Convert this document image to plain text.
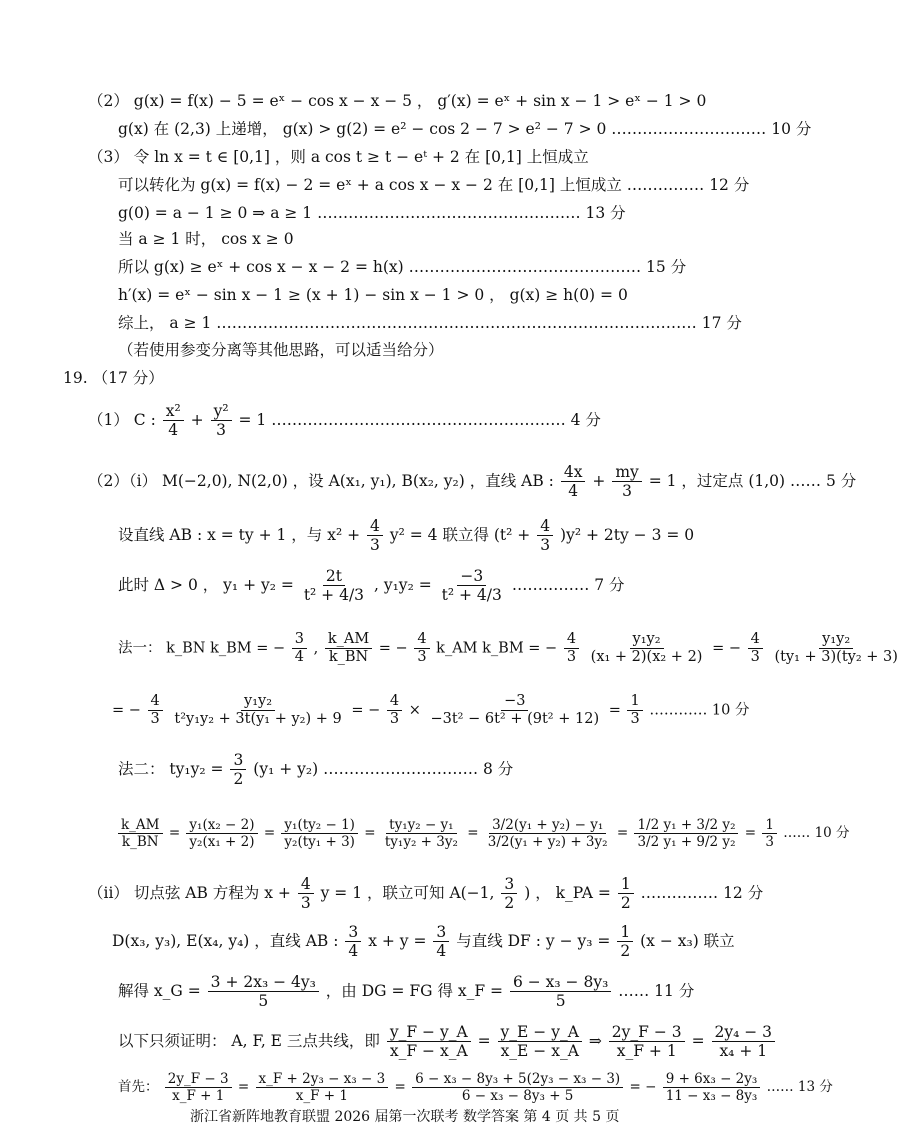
（2） g(x) = f(x) − 5 = eˣ − cos x − x − 5 ， g′(x) = eˣ + sin x − 1 > eˣ − 1 > 0
g(x) 在 (2,3) 上递增， g(x) > g(2) = e² − cos 2 − 7 > e² − 7 > 0 ………………………… 10 分
（3） 令 ln x = t ∈ [0,1] ，则 a cos t ≥ t − eᵗ + 2 在 [0,1] 上恒成立
可以转化为 g(x) = f(x) − 2 = eˣ + a cos x − x − 2 在 [0,1] 上恒成立 …………… 12 分
g(0) = a − 1 ≥ 0 ⇒ a ≥ 1 …………………………………………… 13 分
当 a ≥ 1 时， cos x ≥ 0
所以 g(x) ≥ eˣ + cos x − x − 2 = h(x) ……………………………………… 15 分
h′(x) = eˣ − sin x − 1 ≥ (x + 1) − sin x − 1 > 0 ， g(x) ≥ h(0) = 0
综上， a ≥ 1 ………………………………………………………………………………… 17 分
（若使用参变分离等其他思路，可以适当给分）
19. （17 分）
（1） C : $\frac{\text{x²}}{4} + \frac{\text{y²}}{3} = 1$ ………………………………………………… 4 分
（2）（i） M(−2,0), N(2,0) ，设 A(x₁, y₁), B(x₂, y₂) ，直线 AB : $\frac{4x}{4} + \frac{my}{3} = 1$ ，过定点 (1,0) …… 5 分
设直线 AB : x = ty + 1 ，与 $x^2 + \frac{4}{3} y^2 = 4$ 联立得 $(t^2 + \frac{4}{3} )y^2 + 2ty - 3 = 0$
此时 Δ > 0 ， $y_1 + y_2 = \frac{2t}{\text{t² + 4/3}}$ , $y_1y_2 = \frac{-3}{\text{t² + 4/3}}$ …………… 7 分
法一： k_BN k_BM = − $\frac{3}{4}$ , $\frac{k\_AM}{k\_BN}$ = − $\frac{4}{3}$ k_AM k_BM = − $\frac{4}{3}$
$\frac{\text{y₁y₂}}{\text{(x₁ + 2)(x₂ + 2)}}$ = − $\frac{4}{3}$
$\frac{\text{y₁y₂}}{\text{(ty₁ + 3)(ty₂ + 3)}}$
= − $\frac{4}{3}$
$\frac{\text{y₁y₂}}{\text{t²y₁y₂ + 3t(y₁ + y₂) + 9}}$ = − $\frac{4}{3} \times \frac{-3}{\text{−3t² − 6t² + (9t² + 12)}} = \frac{1}{3}$ ………… 10 分
法二： $ty_1y_2 = \frac{3}{2} (y_1 + y_2)$ ………………………… 8 分
$\frac{k\_AM}{k\_BN} = \frac{\text{y₁(x₂ − 2)}}{\text{y₂(x₁ + 2)}} = \frac{\text{y₁(ty₂ − 1)}}{\text{y₂(ty₁ + 3)}} = \frac{\text{ty₁y₂ − y₁}}{\text{ty₁y₂ + 3y₂}} = \frac{\text{3/2(y₁ + y₂) − y₁}}{\text{3/2(y₁ + y₂) + 3y₂}} = \frac{\text{1/2 y₁ + 3/2 y₂}}{\text{3/2 y₁ + 9/2 y₂}} = \frac{1}{3}$ …… 10 分
（ii） 切点弦 AB 方程为 $x + \frac{4}{3}$ y = 1 ，联立可知 A(−1, $\frac{3}{2}$ ) ， k_PA = $\frac{1}{2}$ …………… 12 分
D(x₃, y₃), E(x₄, y₄) ，直线 AB : $\frac{3}{4}$ $x + y = \frac{3}{4}$ 与直线 DF : $y - y_3 = \frac{1}{2} (x - x_3)$ 联立
解得 x_G = $\frac{\text{3 + 2x₃ − 4y₃}}{5}$ ，由 DG = FG 得 x_F = $\frac{\text{6 − x₃ − 8y₃}}{5}$ …… 11 分
以下只须证明： A, F, E 三点共线，即 $\frac{y\_F - y\_A}{x\_F - x\_A} = \frac{y\_E - y\_A}{x\_E - x\_A}$ ⇒ $\frac{2y\_F - 3}{x\_F + 1} = \frac{\text{2y₄ − 3}}{\text{x₄ + 1}}$
首先： $\frac{2y\_F - 3}{x\_F + 1} = \frac{\text{x\_F + 2y₃ − x₃ − 3}}{x\_F + 1} = \frac{\text{6 − x₃ − 8y₃ + 5(2y₃ − x₃ − 3)}}{\text{6 − x₃ − 8y₃ + 5}}$ = − $\frac{\text{9 + 6x₃ − 2y₃}}{\text{11 − x₃ − 8y₃}}$ …… 13 分
浙江省新阵地教育联盟 2026 届第一次联考 数学答案 第 4 页 共 5 页
